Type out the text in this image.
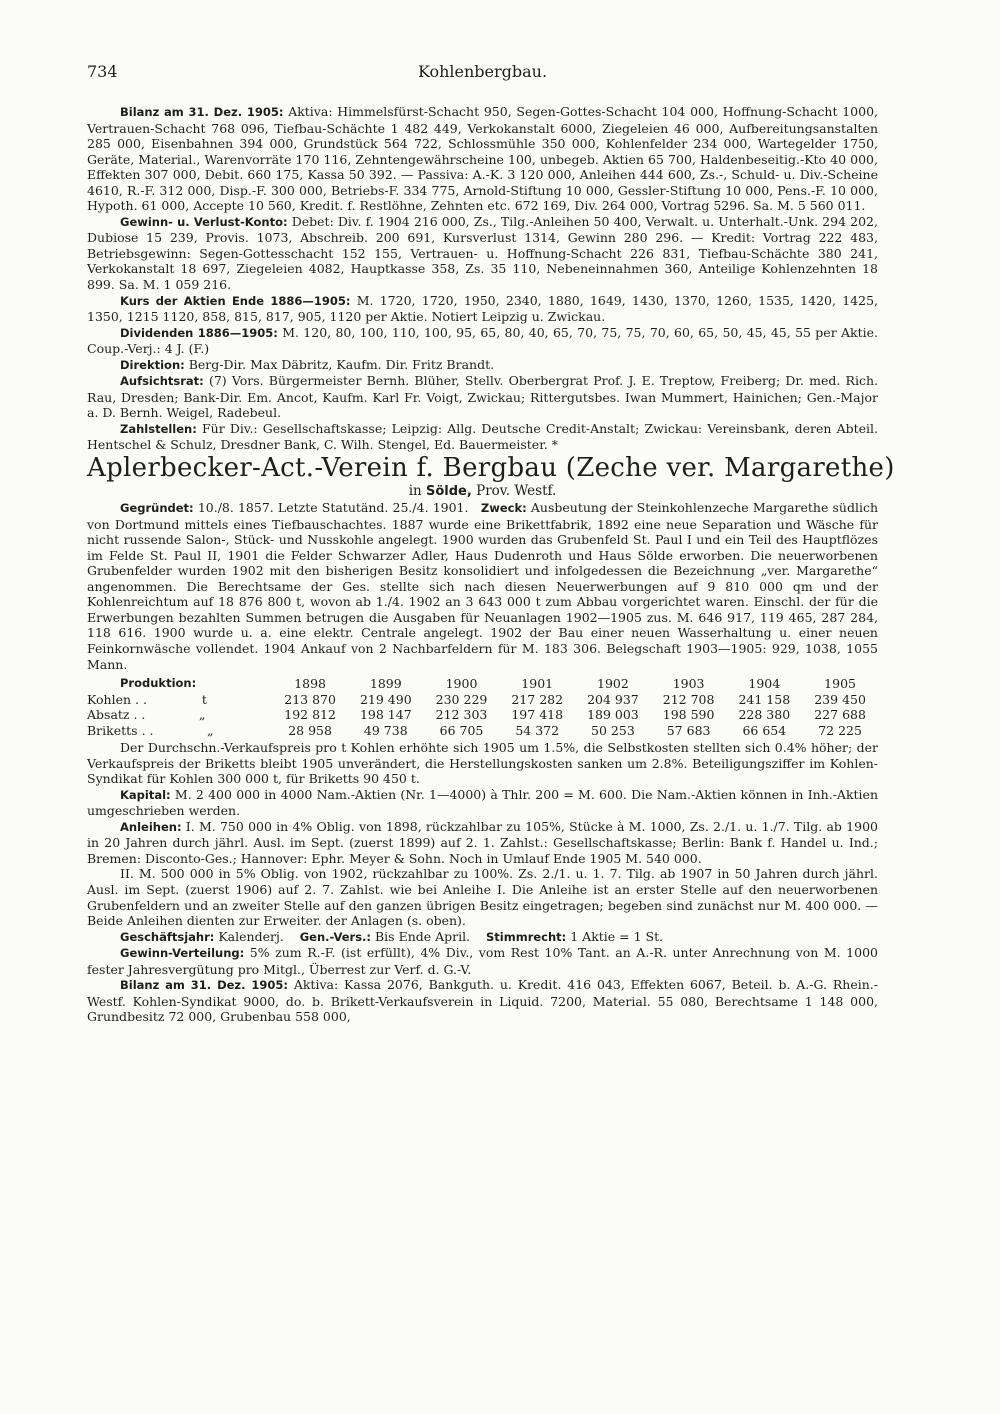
734	Kohlenbergbau.

Bilanz am 31. Dez. 1905: Aktiva: Himmelsfürst-Schacht 950, Segen-Gottes-Schacht 104 000, Hoffnung-Schacht 1000, Vertrauen-Schacht 768 096, Tiefbau-Schächte 1 482 449, Verkokanstalt 6000, Ziegeleien 46 000, Aufbereitungsanstalten 285 000, Eisenbahnen 394 000, Grundstück 564 722, Schlossmühle 350 000, Kohlenfelder 234 000, Wartegelder 1750, Geräte, Material., Warenvorräte 170 116, Zehntengewährscheine 100, unbegeb. Aktien 65 700, Haldenbeseitig.-Kto 40 000, Effekten 307 000, Debit. 660 175, Kassa 50 392. — Passiva: A.-K. 3 120 000, Anleihen 444 600, Zs.-, Schuld- u. Div.-Scheine 4610, R.-F. 312 000, Disp.-F. 300 000, Betriebs-F. 334 775, Arnold-Stiftung 10 000, Gessler-Stiftung 10 000, Pens.-F. 10 000, Hypoth. 61 000, Accepte 10 560, Kredit. f. Restlöhne, Zehnten etc. 672 169, Div. 264 000, Vortrag 5296. Sa. M. 5 560 011.

Gewinn- u. Verlust-Konto: Debet: Div. f. 1904 216 000, Zs., Tilg.-Anleihen 50 400, Verwalt. u. Unterhalt.-Unk. 294 202, Dubiose 15 239, Provis. 1073, Abschreib. 200 691, Kursverlust 1314, Gewinn 280 296. — Kredit: Vortrag 222 483, Betriebsgewinn: Segen-Gottesschacht 152 155, Vertrauen- u. Hoffnung-Schacht 226 831, Tiefbau-Schächte 380 241, Verkokanstalt 18 697, Ziegeleien 4082, Hauptkasse 358, Zs. 35 110, Nebeneinnahmen 360, Anteilige Kohlenzehnten 18 899. Sa. M. 1 059 216.

Kurs der Aktien Ende 1886—1905: M. 1720, 1720, 1950, 2340, 1880, 1649, 1430, 1370, 1260, 1535, 1420, 1425, 1350, 1215 1120, 858, 815, 817, 905, 1120 per Aktie. Notiert Leipzig u. Zwickau.

Dividenden 1886—1905: M. 120, 80, 100, 110, 100, 95, 65, 80, 40, 65, 70, 75, 75, 70, 60, 65, 50, 45, 45, 55 per Aktie. Coup.-Verj.: 4 J. (F.)

Direktion: Berg-Dir. Max Däbritz, Kaufm. Dir. Fritz Brandt.

Aufsichtsrat: (7) Vors. Bürgermeister Bernh. Blüher, Stellv. Oberbergrat Prof. J. E. Treptow, Freiberg; Dr. med. Rich. Rau, Dresden; Bank-Dir. Em. Ancot, Kaufm. Karl Fr. Voigt, Zwickau; Rittergutsbes. Iwan Mummert, Hainichen; Gen.-Major a. D. Bernh. Weigel, Radebeul.

Zahlstellen: Für Div.: Gesellschaftskasse; Leipzig: Allg. Deutsche Credit-Anstalt; Zwickau: Vereinsbank, deren Abteil. Hentschel & Schulz, Dresdner Bank, C. Wilh. Stengel, Ed. Bauermeister. *

Aplerbecker-Act.-Verein f. Bergbau (Zeche ver. Margarethe)

in Sölde, Prov. Westf.

Gegründet: 10./8. 1857. Letzte Statutänd. 25./4. 1901. Zweck: Ausbeutung der Steinkohlenzeche Margarethe südlich von Dortmund mittels eines Tiefbauschachtes. 1887 wurde eine Brikettfabrik, 1892 eine neue Separation und Wäsche für nicht russende Salon-, Stück- und Nusskohle angelegt. 1900 wurden das Grubenfeld St. Paul I und ein Teil des Hauptflözes im Felde St. Paul II, 1901 die Felder Schwarzer Adler, Haus Dudenroth und Haus Sölde erworben. Die neuerworbenen Grubenfelder wurden 1902 mit den bisherigen Besitz konsolidiert und infolgedessen die Bezeichnung „ver. Margarethe“ angenommen. Die Berechtsame der Ges. stellte sich nach diesen Neuerwerbungen auf 9 810 000 qm und der Kohlenreichtum auf 18 876 800 t, wovon ab 1./4. 1902 an 3 643 000 t zum Abbau vorgerichtet waren. Einschl. der für die Erwerbungen bezahlten Summen betrugen die Ausgaben für Neuanlagen 1902—1905 zus. M. 646 917, 119 465, 287 284, 118 616. 1900 wurde u. a. eine elektr. Centrale angelegt. 1902 der Bau einer neuen Wasserhaltung u. einer neuen Feinkornwäsche vollendet. 1904 Ankauf von 2 Nachbarfeldern für M. 183 306. Belegschaft 1903—1905: 929, 1038, 1055 Mann.

Produktion:	1898	1899	1900	1901	1902	1903	1904	1905
Kohlen . . t	213 870	219 490	230 229	217 282	204 937	212 708	241 158	239 450
Absatz . . „	192 812	198 147	212 303	197 418	189 003	198 590	228 380	227 688
Briketts . . „	28 958	49 738	66 705	54 372	50 253	57 683	66 654	72 225

Der Durchschn.-Verkaufspreis pro t Kohlen erhöhte sich 1905 um 1.5%, die Selbstkosten stellten sich 0.4% höher; der Verkaufspreis der Briketts bleibt 1905 unverändert, die Herstellungskosten sanken um 2.8%. Beteiligungsziffer im Kohlen-Syndikat für Kohlen 300 000 t, für Briketts 90 450 t.

Kapital: M. 2 400 000 in 4000 Nam.-Aktien (Nr. 1—4000) à Thlr. 200 = M. 600. Die Nam.-Aktien können in Inh.-Aktien umgeschrieben werden.

Anleihen: I. M. 750 000 in 4% Oblig. von 1898, rückzahlbar zu 105%, Stücke à M. 1000, Zs. 2./1. u. 1./7. Tilg. ab 1900 in 20 Jahren durch jährl. Ausl. im Sept. (zuerst 1899) auf 2. 1. Zahlst.: Gesellschaftskasse; Berlin: Bank f. Handel u. Ind.; Bremen: Disconto-Ges.; Hannover: Ephr. Meyer & Sohn. Noch in Umlauf Ende 1905 M. 540 000.

II. M. 500 000 in 5% Oblig. von 1902, rückzahlbar zu 100%. Zs. 2./1. u. 1. 7. Tilg. ab 1907 in 50 Jahren durch jährl. Ausl. im Sept. (zuerst 1906) auf 2. 7. Zahlst. wie bei Anleihe I. Die Anleihe ist an erster Stelle auf den neuerworbenen Grubenfeldern und an zweiter Stelle auf den ganzen übrigen Besitz eingetragen; begeben sind zunächst nur M. 400 000. — Beide Anleihen dienten zur Erweiter. der Anlagen (s. oben).

Geschäftsjahr: Kalenderj. Gen.-Vers.: Bis Ende April. Stimmrecht: 1 Aktie = 1 St.

Gewinn-Verteilung: 5% zum R.-F. (ist erfüllt), 4% Div., vom Rest 10% Tant. an A.-R. unter Anrechnung von M. 1000 fester Jahresvergütung pro Mitgl., Überrest zur Verf. d. G.-V.

Bilanz am 31. Dez. 1905: Aktiva: Kassa 2076, Bankguth. u. Kredit. 416 043, Effekten 6067, Beteil. b. A.-G. Rhein.-Westf. Kohlen-Syndikat 9000, do. b. Brikett-Verkaufsverein in Liquid. 7200, Material. 55 080, Berechtsame 1 148 000, Grundbesitz 72 000, Grubenbau 558 000,
